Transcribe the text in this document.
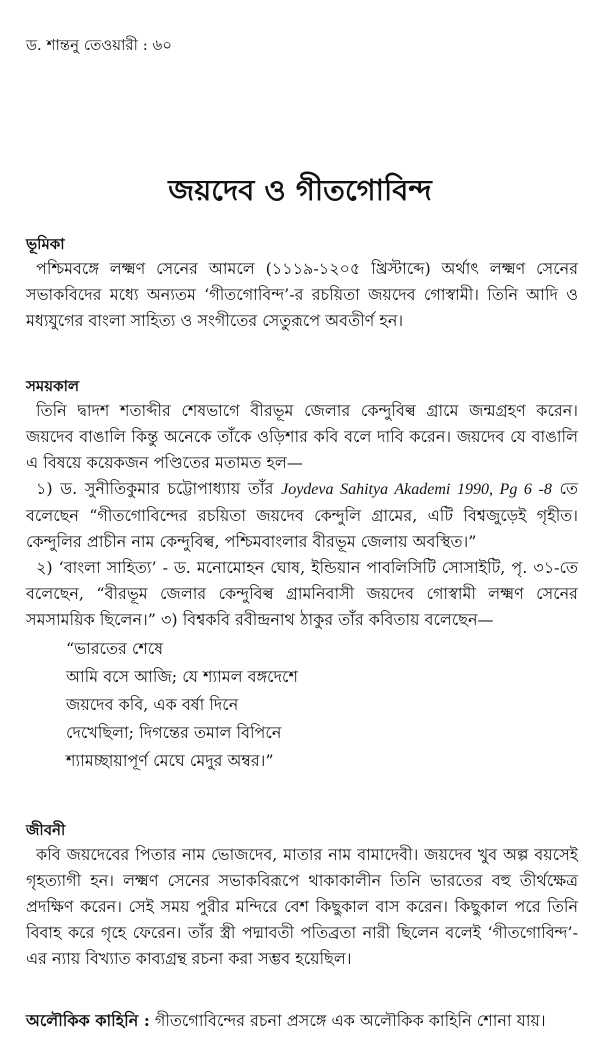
ড. শান্তনু তেওয়ারী : ৬০
জয়দেব ও গীতগোবিন্দ
ভূমিকা

পশ্চিমবঙ্গে লক্ষ্মণ সেনের আমলে (১১১৯-১২০৫ খ্রিস্টাব্দে) অর্থাৎ লক্ষ্মণ সেনের সভাকবিদের মধ্যে অন্যতম ‘গীতগোবিন্দ’-র রচয়িতা জয়দেব গোস্বামী। তিনি আদি ও মধ্যযুগের বাংলা সাহিত্য ও সংগীতের সেতুরূপে অবতীর্ণ হন।

সময়কাল

তিনি দ্বাদশ শতাব্দীর শেষভাগে বীরভূম জেলার কেন্দুবিল্ব গ্রামে জন্মগ্রহণ করেন। জয়দেব বাঙালি কিন্তু অনেকে তাঁকে ওড়িশার কবি বলে দাবি করেন। জয়দেব যে বাঙালি এ বিষয়ে কয়েকজন পণ্ডিতের মতামত হল—

১) ড. সুনীতিকুমার চট্টোপাধ্যায় তাঁর Joydeva Sahitya Akademi 1990, Pg 6 -8 তে বলেছেন “গীতগোবিন্দের রচয়িতা জয়দেব কেন্দুলি গ্রামের, এটি বিশ্বজুড়েই গৃহীত। কেন্দুলির প্রাচীন নাম কেন্দুবিল্ব, পশ্চিমবাংলার বীরভূম জেলায় অবস্থিত।”

২) ‘বাংলা সাহিত্য’ - ড. মনোমোহন ঘোষ, ইন্ডিয়ান পাবলিসিটি সোসাইটি, পৃ. ৩১-তে বলেছেন, “বীরভূম জেলার কেন্দুবিল্ব গ্রামনিবাসী জয়দেব গোস্বামী লক্ষ্মণ সেনের সমসাময়িক ছিলেন।” ৩) বিশ্বকবি রবীন্দ্রনাথ ঠাকুর তাঁর কবিতায় বলেছেন—

“ভারতের শেষে
আমি বসে আজি; যে শ্যামল বঙ্গদেশে
জয়দেব কবি, এক বর্ষা দিনে
দেখেছিলা; দিগন্তের তমাল বিপিনে
শ্যামচ্ছায়াপূর্ণ মেঘে মেদুর অম্বর।”
জীবনী

কবি জয়দেবের পিতার নাম ভোজদেব, মাতার নাম বামাদেবী। জয়দেব খুব অল্প বয়সেই গৃহত্যাগী হন। লক্ষ্মণ সেনের সভাকবিরূপে থাকাকালীন তিনি ভারতের বহু তীর্থক্ষেত্র প্রদক্ষিণ করেন। সেই সময় পুরীর মন্দিরে বেশ কিছুকাল বাস করেন। কিছুকাল পরে তিনি বিবাহ করে গৃহে ফেরেন। তাঁর স্ত্রী পদ্মাবতী পতিব্রতা নারী ছিলেন বলেই ‘গীতগোবিন্দ’-এর ন্যায় বিখ্যাত কাব্যগ্রন্থ রচনা করা সম্ভব হয়েছিল।

অলৌকিক কাহিনি : গীতগোবিন্দের রচনা প্রসঙ্গে এক অলৌকিক কাহিনি শোনা যায়।
